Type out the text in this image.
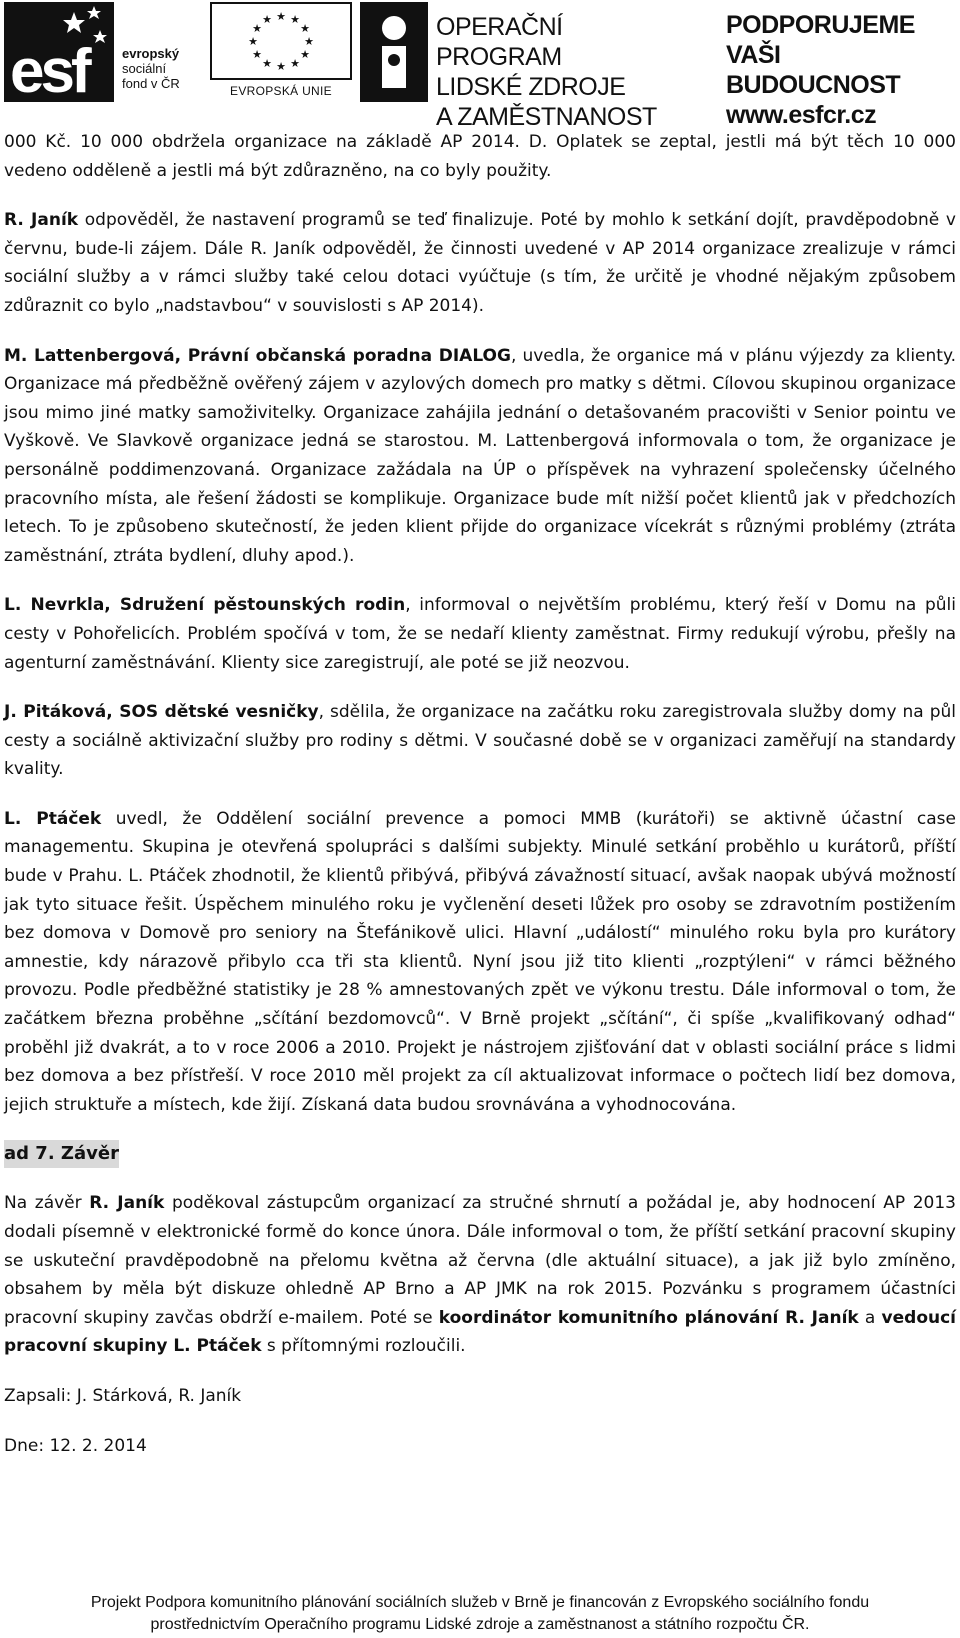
esf	evropský
sociální
fond v ČR
★ ★
★
★
★
★
★
★
★
★
★
★
EVROPSKÁ UNIE
OPERAČNÍ PROGRAM
LIDSKÉ ZDROJE
A ZAMĚSTNANOST
PODPORUJEME
VAŠI BUDOUCNOST
www.esfcr.cz

000 Kč. 10 000 obdržela organizace na základě AP 2014. D. Oplatek se zeptal, jestli má být těch 10 000 vedeno odděleně a jestli má být zdůrazněno, na co byly použity.

R. Janík odpověděl, že nastavení programů se teď finalizuje. Poté by mohlo k setkání dojít, pravděpodobně v červnu, bude-li zájem. Dále R. Janík odpověděl, že činnosti uvedené v AP 2014 organizace zrealizuje v rámci sociální služby a v rámci služby také celou dotaci vyúčtuje (s tím, že určitě je vhodné nějakým způsobem zdůraznit co bylo „nadstavbou“ v souvislosti s AP 2014).

M. Lattenbergová, Právní občanská poradna DIALOG, uvedla, že organice má v plánu výjezdy za klienty. Organizace má předběžně ověřený zájem v azylových domech pro matky s dětmi. Cílovou skupinou organizace jsou mimo jiné matky samoživitelky. Organizace zahájila jednání o detašovaném pracovišti v Senior pointu ve Vyškově. Ve Slavkově organizace jedná se starostou. M. Lattenbergová informovala o tom, že organizace je personálně poddimenzovaná. Organizace zažádala na ÚP o příspěvek na vyhrazení společensky účelného pracovního místa, ale řešení žádosti se komplikuje. Organizace bude mít nižší počet klientů jak v předchozích letech. To je způsobeno skutečností, že jeden klient přijde do organizace vícekrát s různými problémy (ztráta zaměstnání, ztráta bydlení, dluhy apod.).

L. Nevrkla, Sdružení pěstounských rodin, informoval o největším problému, který řeší v Domu na půli cesty v Pohořelicích. Problém spočívá v tom, že se nedaří klienty zaměstnat. Firmy redukují výrobu, přešly na agenturní zaměstnávání. Klienty sice zaregistrují, ale poté se již neozvou.

J. Pitáková, SOS dětské vesničky, sdělila, že organizace na začátku roku zaregistrovala služby domy na půl cesty a sociálně aktivizační služby pro rodiny s dětmi. V současné době se v organizaci zaměřují na standardy kvality.

L. Ptáček uvedl, že Oddělení sociální prevence a pomoci MMB (kurátoři) se aktivně účastní case managementu. Skupina je otevřená spolupráci s dalšími subjekty. Minulé setkání proběhlo u kurátorů, příští bude v Prahu. L. Ptáček zhodnotil, že klientů přibývá, přibývá závažností situací, avšak naopak ubývá možností jak tyto situace řešit. Úspěchem minulého roku je vyčlenění deseti lůžek pro osoby se zdravotním postižením bez domova v Domově pro seniory na Štefánikově ulici. Hlavní „událostí“ minulého roku byla pro kurátory amnestie, kdy nárazově přibylo cca tři sta klientů. Nyní jsou již tito klienti „rozptýleni“ v rámci běžného provozu. Podle předběžné statistiky je 28 % amnestovaných zpět ve výkonu trestu. Dále informoval o tom, že začátkem března proběhne „sčítání bezdomovců“. V Brně projekt „sčítání“, či spíše „kvalifikovaný odhad“ proběhl již dvakrát, a to v roce 2006 a 2010. Projekt je nástrojem zjišťování dat v oblasti sociální práce s lidmi bez domova a bez přístřeší. V roce 2010 měl projekt za cíl aktualizovat informace o počtech lidí bez domova, jejich struktuře a místech, kde žijí. Získaná data budou srovnávána a vyhodnocována.

ad 7. Závěr

Na závěr R. Janík poděkoval zástupcům organizací za stručné shrnutí a požádal je, aby hodnocení AP 2013 dodali písemně v elektronické formě do konce února. Dále informoval o tom, že příští setkání pracovní skupiny se uskuteční pravděpodobně na přelomu května až června (dle aktuální situace), a jak již bylo zmíněno, obsahem by měla být diskuze ohledně AP Brno a AP JMK na rok 2015. Pozvánku s programem účastníci pracovní skupiny zavčas obdrží e-mailem. Poté se koordinátor komunitního plánování R. Janík a vedoucí pracovní skupiny L. Ptáček s přítomnými rozloučili.

Zapsali: J. Stárková, R. Janík

Dne: 12. 2. 2014

Projekt Podpora komunitního plánování sociálních služeb v Brně je financován z Evropského sociálního fondu
prostřednictvím Operačního programu Lidské zdroje a zaměstnanost a státního rozpočtu ČR.
